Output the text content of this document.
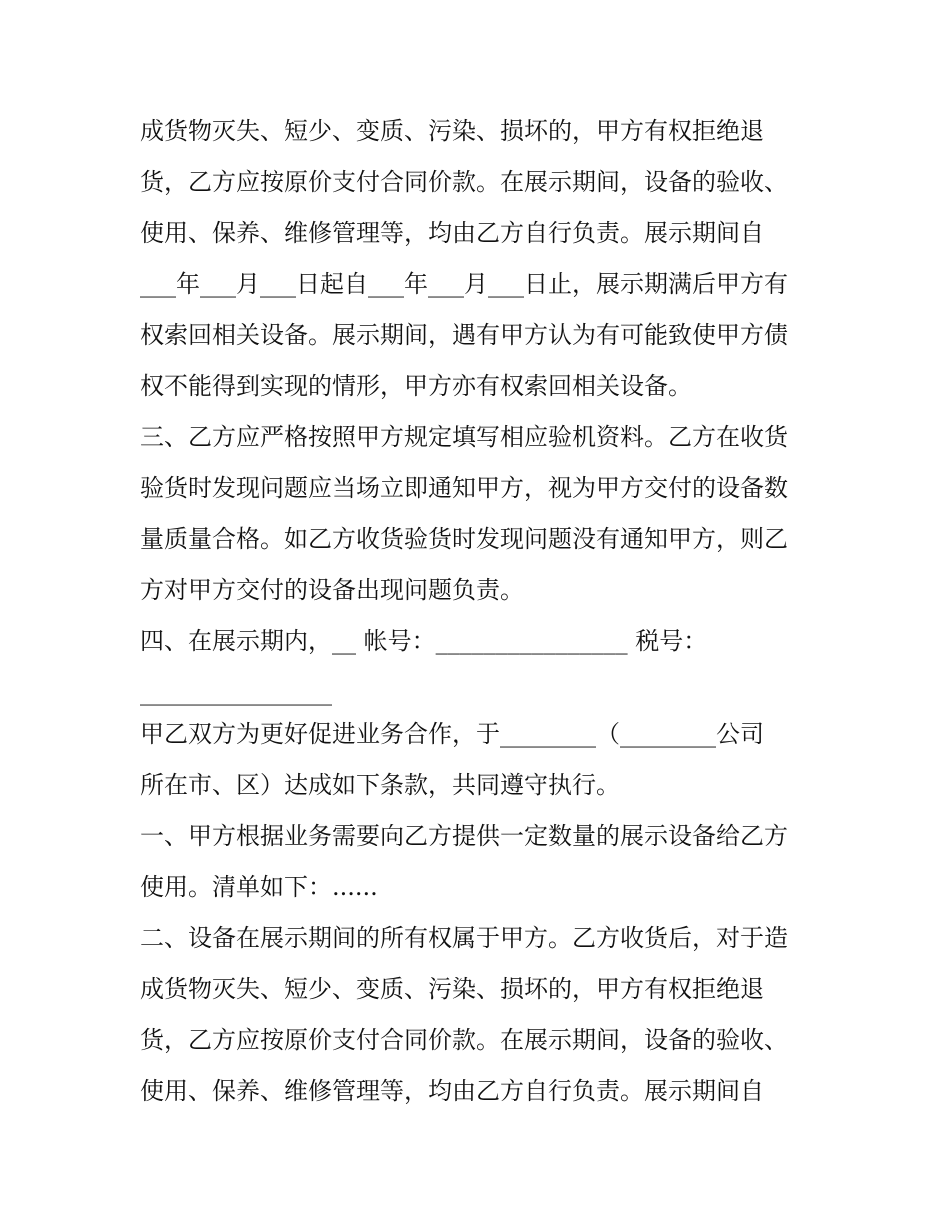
成货物灭失、短少、变质、污染、损坏的，甲方有权拒绝退
货，乙方应按原价支付合同价款。在展示期间，设备的验收、
使用、保养、维修管理等，均由乙方自行负责。展示期间自
___年___月___日起自___年___月___日止，展示期满后甲方有
权索回相关设备。展示期间，遇有甲方认为有可能致使甲方债
权不能得到实现的情形，甲方亦有权索回相关设备。
三、乙方应严格按照甲方规定填写相应验机资料。乙方在收货
验货时发现问题应当场立即通知甲方，视为甲方交付的设备数
量质量合格。如乙方收货验货时发现问题没有通知甲方，则乙
方对甲方交付的设备出现问题负责。
四、在展示期内，__ 帐号：________________ 税号：
________________
甲乙双方为更好促进业务合作，于________（________公司
所在市、区）达成如下条款，共同遵守执行。
一、甲方根据业务需要向乙方提供一定数量的展示设备给乙方
使用。清单如下：......
二、设备在展示期间的所有权属于甲方。乙方收货后，对于造
成货物灭失、短少、变质、污染、损坏的，甲方有权拒绝退
货，乙方应按原价支付合同价款。在展示期间，设备的验收、
使用、保养、维修管理等，均由乙方自行负责。展示期间自
